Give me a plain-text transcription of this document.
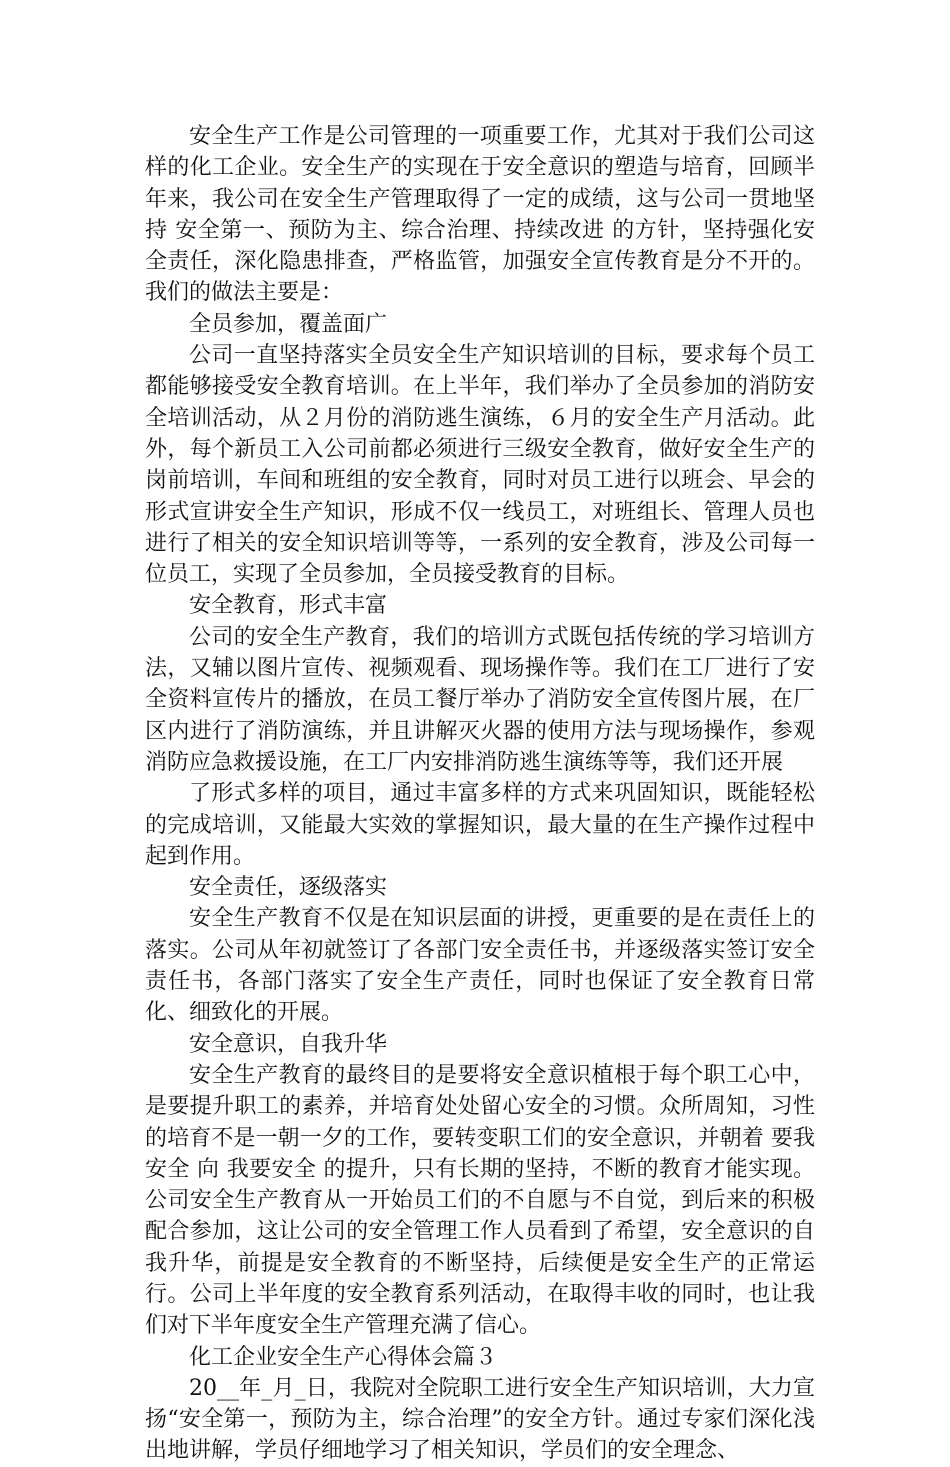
安全生产工作是公司管理的一项重要工作，尤其对于我们公司这样的化工企业。安全生产的实现在于安全意识的塑造与培育，回顾半年来，我公司在安全生产管理取得了一定的成绩，这与公司一贯地坚持 安全第一、预防为主、综合治理、持续改进 的方针，坚持强化安全责任，深化隐患排查，严格监管，加强安全宣传教育是分不开的。我们的做法主要是：

全员参加，覆盖面广

公司一直坚持落实全员安全生产知识培训的目标，要求每个员工都能够接受安全教育培训。在上半年，我们举办了全员参加的消防安全培训活动，从２月份的消防逃生演练，６月的安全生产月活动。此外，每个新员工入公司前都必须进行三级安全教育，做好安全生产的岗前培训，车间和班组的安全教育，同时对员工进行以班会、早会的形式宣讲安全生产知识，形成不仅一线员工，对班组长、管理人员也进行了相关的安全知识培训等等，一系列的安全教育，涉及公司每一位员工，实现了全员参加，全员接受教育的目标。

安全教育，形式丰富

公司的安全生产教育，我们的培训方式既包括传统的学习培训方法，又辅以图片宣传、视频观看、现场操作等。我们在工厂进行了安全资料宣传片的播放，在员工餐厅举办了消防安全宣传图片展，在厂区内进行了消防演练，并且讲解灭火器的使用方法与现场操作，参观消防应急救援设施，在工厂内安排消防逃生演练等等，我们还开展

了形式多样的项目，通过丰富多样的方式来巩固知识，既能轻松的完成培训，又能最大实效的掌握知识，最大量的在生产操作过程中起到作用。

安全责任，逐级落实

安全生产教育不仅是在知识层面的讲授，更重要的是在责任上的落实。公司从年初就签订了各部门安全责任书，并逐级落实签订安全责任书，各部门落实了安全生产责任，同时也保证了安全教育日常化、细致化的开展。

安全意识，自我升华

安全生产教育的最终目的是要将安全意识植根于每个职工心中，是要提升职工的素养，并培育处处留心安全的习惯。众所周知，习性的培育不是一朝一夕的工作，要转变职工们的安全意识，并朝着 要我安全 向 我要安全 的提升，只有长期的坚持，不断的教育才能实现。公司安全生产教育从一开始员工们的不自愿与不自觉，到后来的积极配合参加，这让公司的安全管理工作人员看到了希望，安全意识的自我升华，前提是安全教育的不断坚持，后续便是安全生产的正常运行。公司上半年度的安全教育系列活动，在取得丰收的同时，也让我们对下半年度安全生产管理充满了信心。

化工企业安全生产心得体会篇３

20__年_月_日，我院对全院职工进行安全生产知识培训，大力宣扬“安全第一，预防为主，综合治理”的安全方针。通过专家们深化浅出地讲解，学员仔细地学习了相关知识，学员们的安全理念、
